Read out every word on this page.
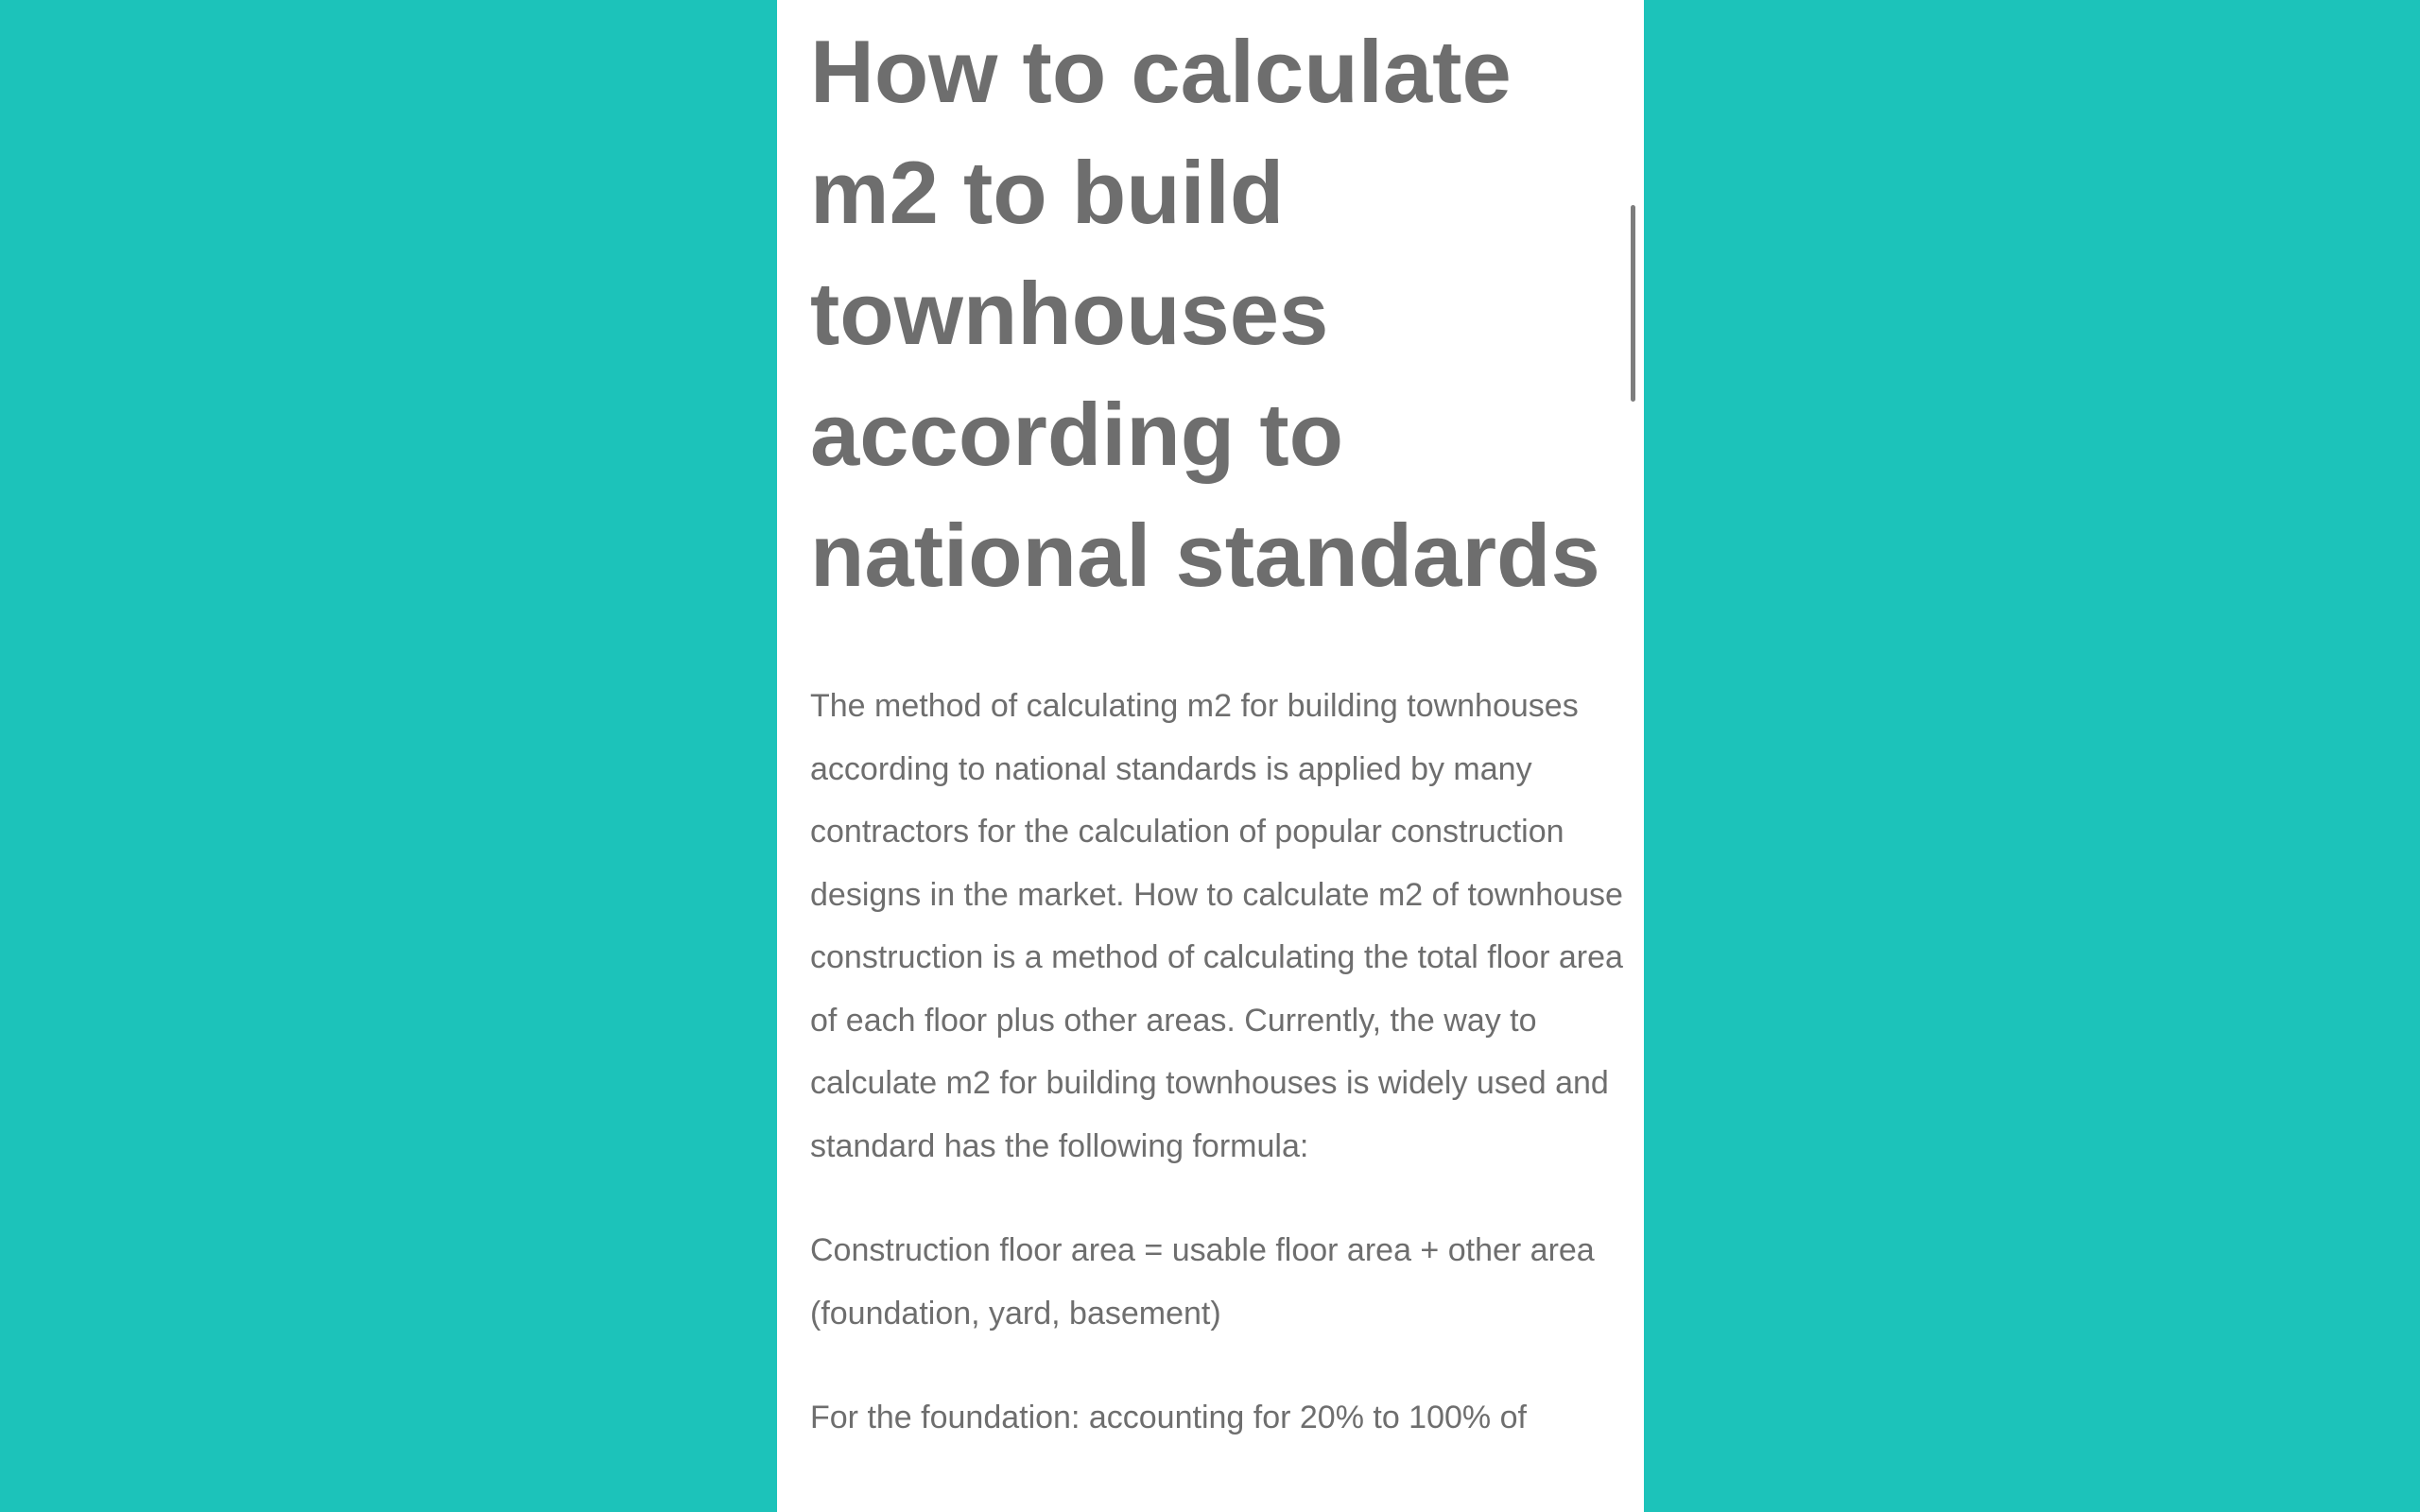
How to calculate m2 to build townhouses according to national standards

The method of calculating m2 for building townhouses according to national standards is applied by many contractors for the calculation of popular construction designs in the market. How to calculate m2 of townhouse construction is a method of calculating the total floor area of each floor plus other areas. Currently, the way to calculate m2 for building townhouses is widely used and standard has the following formula:

Construction floor area = usable floor area + other area (foundation, yard, basement)

For the foundation: accounting for 20% to 100% of
